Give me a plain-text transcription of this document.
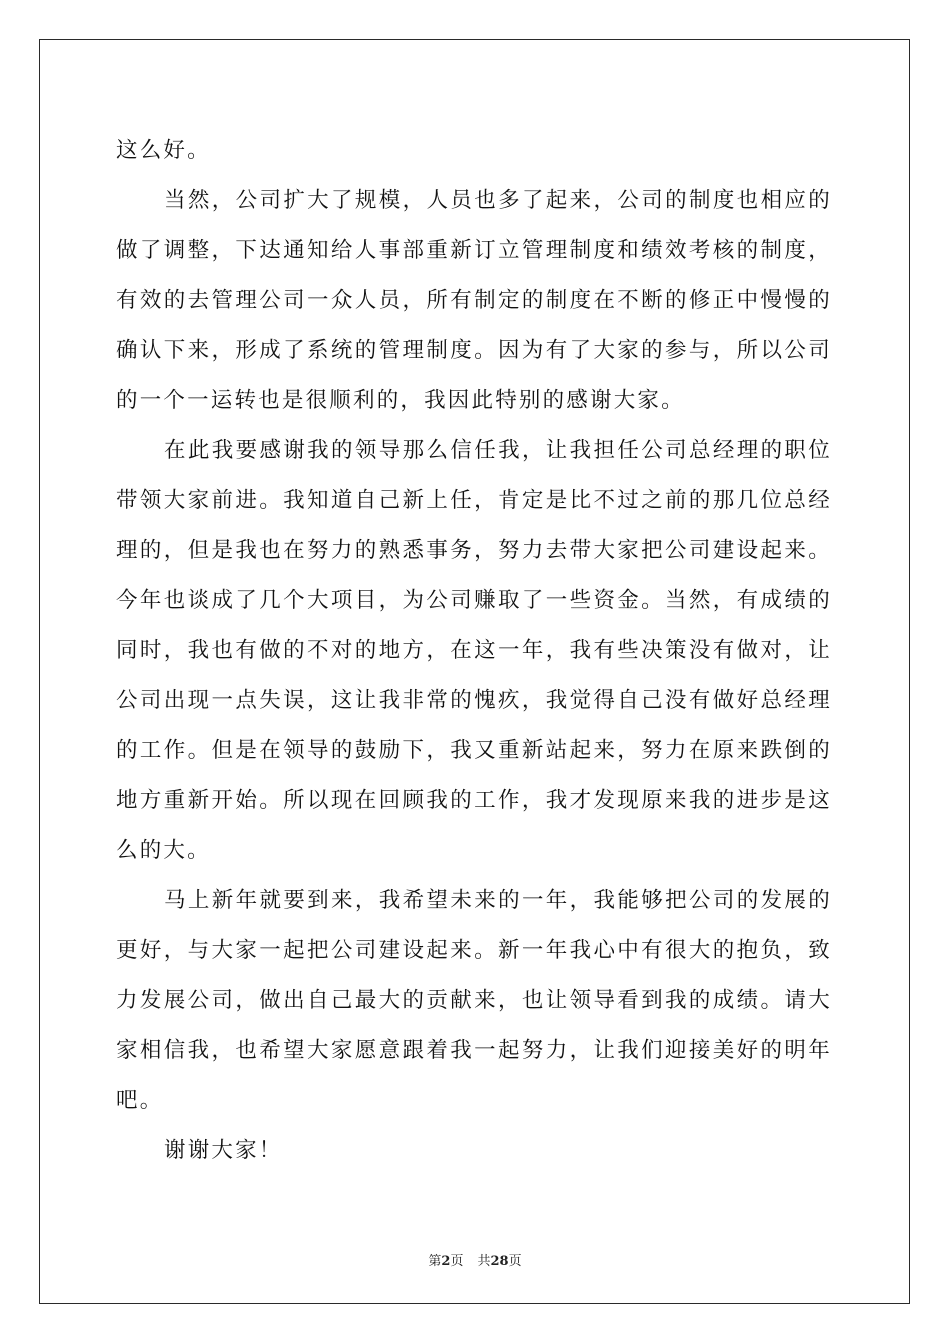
这么好。

当然，公司扩大了规模，人员也多了起来，公司的制度也相应的做了调整，下达通知给人事部重新订立管理制度和绩效考核的制度，有效的去管理公司一众人员，所有制定的制度在不断的修正中慢慢的确认下来，形成了系统的管理制度。因为有了大家的参与，所以公司的一个一运转也是很顺利的，我因此特别的感谢大家。

在此我要感谢我的领导那么信任我，让我担任公司总经理的职位带领大家前进。我知道自己新上任，肯定是比不过之前的那几位总经理的，但是我也在努力的熟悉事务，努力去带大家把公司建设起来。今年也谈成了几个大项目，为公司赚取了一些资金。当然，有成绩的同时，我也有做的不对的地方，在这一年，我有些决策没有做对，让公司出现一点失误，这让我非常的愧疚，我觉得自己没有做好总经理的工作。但是在领导的鼓励下，我又重新站起来，努力在原来跌倒的地方重新开始。所以现在回顾我的工作，我才发现原来我的进步是这么的大。

马上新年就要到来，我希望未来的一年，我能够把公司的发展的更好，与大家一起把公司建设起来。新一年我心中有很大的抱负，致力发展公司，做出自己最大的贡献来，也让领导看到我的成绩。请大家相信我，也希望大家愿意跟着我一起努力，让我们迎接美好的明年吧。

谢谢大家！

第2页 共28页
